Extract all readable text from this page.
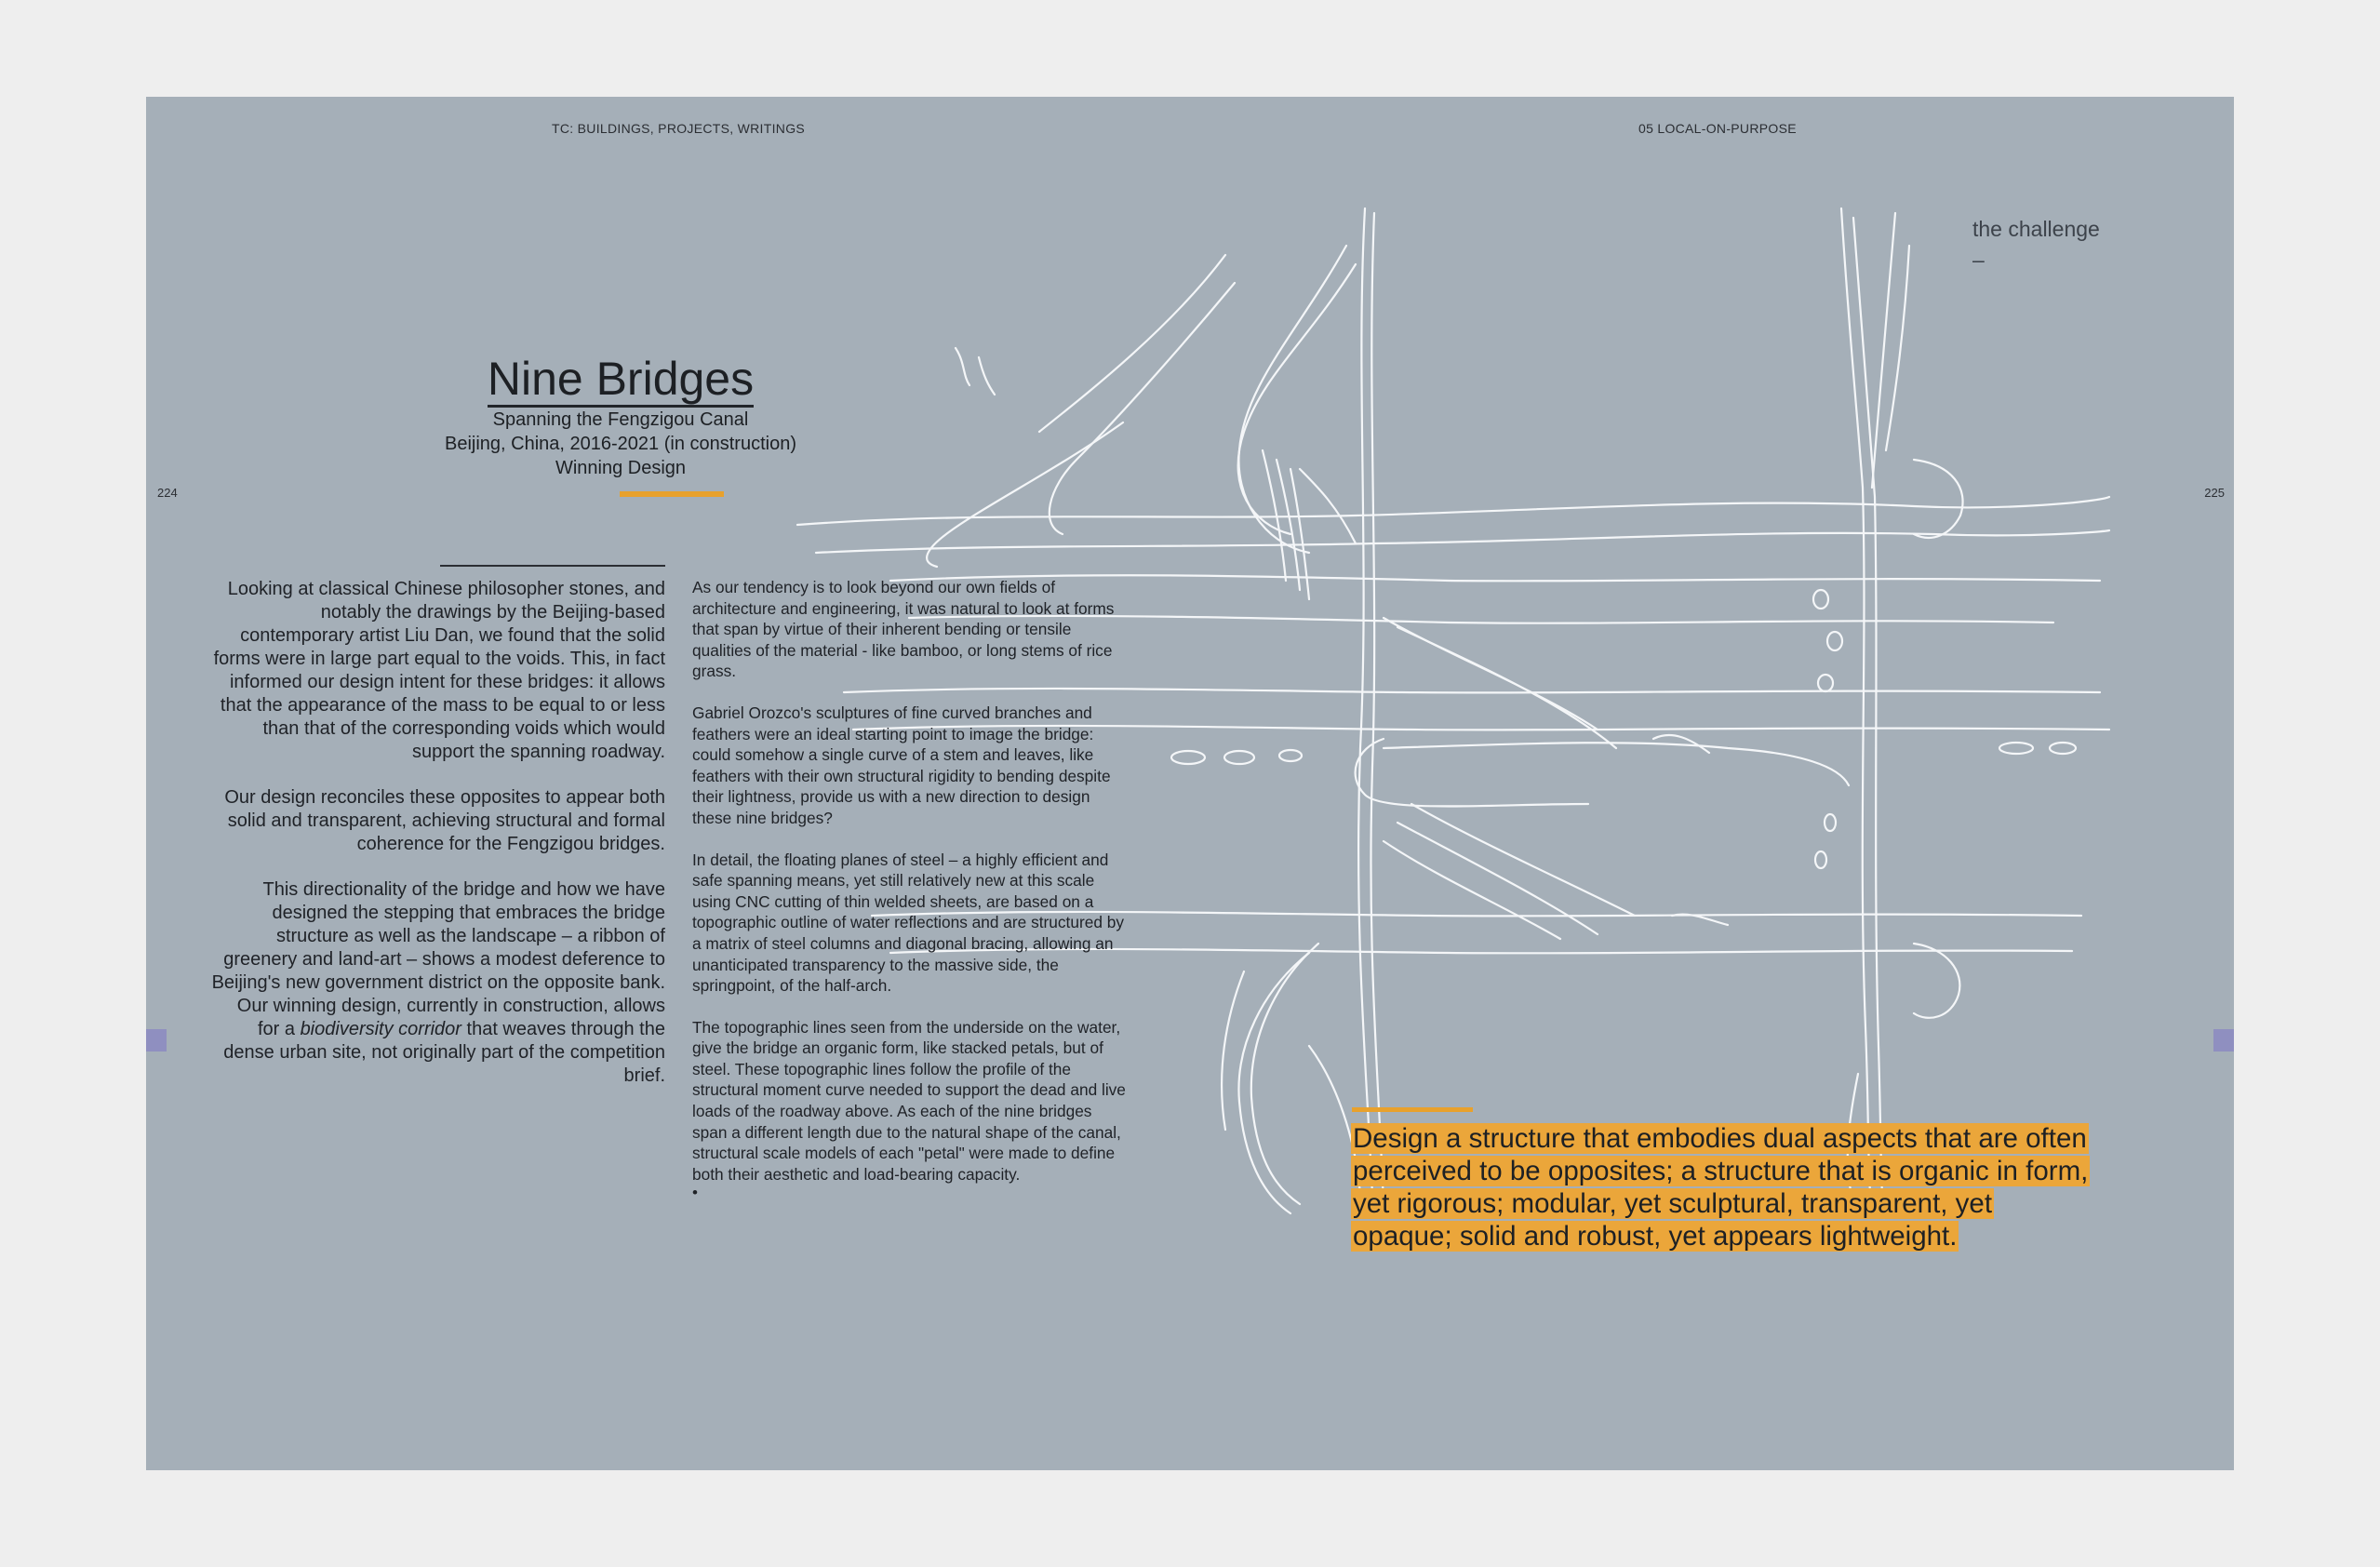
TC: BUILDINGS, PROJECTS, WRITINGS	05 LOCAL-ON-PURPOSE
224	225
Nine Bridges
Spanning the Fengzigou Canal
Beijing, China, 2016-2021 (in construction)
Winning Design

Looking at classical Chinese philosopher stones, and notably the drawings by the Beijing-based contemporary artist Liu Dan, we found that the solid forms were in large part equal to the voids. This, in fact informed our design intent for these bridges: it allows that the appearance of the mass to be equal to or less than that of the corresponding voids which would support the spanning roadway.

Our design reconciles these opposites to appear both solid and transparent, achieving structural and formal coherence for the Fengzigou bridges.

This directionality of the bridge and how we have designed the stepping that embraces the bridge structure as well as the landscape – a ribbon of greenery and land-art – shows a modest deference to Beijing's new government district on the opposite bank. Our winning design, currently in construction, allows for a biodiversity corridor that weaves through the dense urban site, not originally part of the competition brief.

As our tendency is to look beyond our own fields of architecture and engineering, it was natural to look at forms that span by virtue of their inherent bending or tensile qualities of the material - like bamboo, or long stems of rice grass.

Gabriel Orozco's sculptures of fine curved branches and feathers were an ideal starting point to image the bridge: could somehow a single curve of a stem and leaves, like feathers with their own structural rigidity to bending despite their lightness, provide us with a new direction to design these nine bridges?

In detail, the floating planes of steel – a highly efficient and safe spanning means, yet still relatively new at this scale using CNC cutting of thin welded sheets, are based on a topographic outline of water reflections and are structured by a matrix of steel columns and diagonal bracing, allowing an unanticipated transparency to the massive side, the springpoint, of the half-arch.

The topographic lines seen from the underside on the water, give the bridge an organic form, like stacked petals, but of steel. These topographic lines follow the profile of the structural moment curve needed to support the dead and live loads of the roadway above. As each of the nine bridges span a different length due to the natural shape of the canal, structural scale models of each "petal" were made to define both their aesthetic and load-bearing capacity.

•
the challenge
–
Design a structure that embodies dual aspects that are often perceived to be opposites; a structure that is organic in form, yet rigorous; modular, yet sculptural, transparent, yet opaque; solid and robust, yet appears lightweight.
